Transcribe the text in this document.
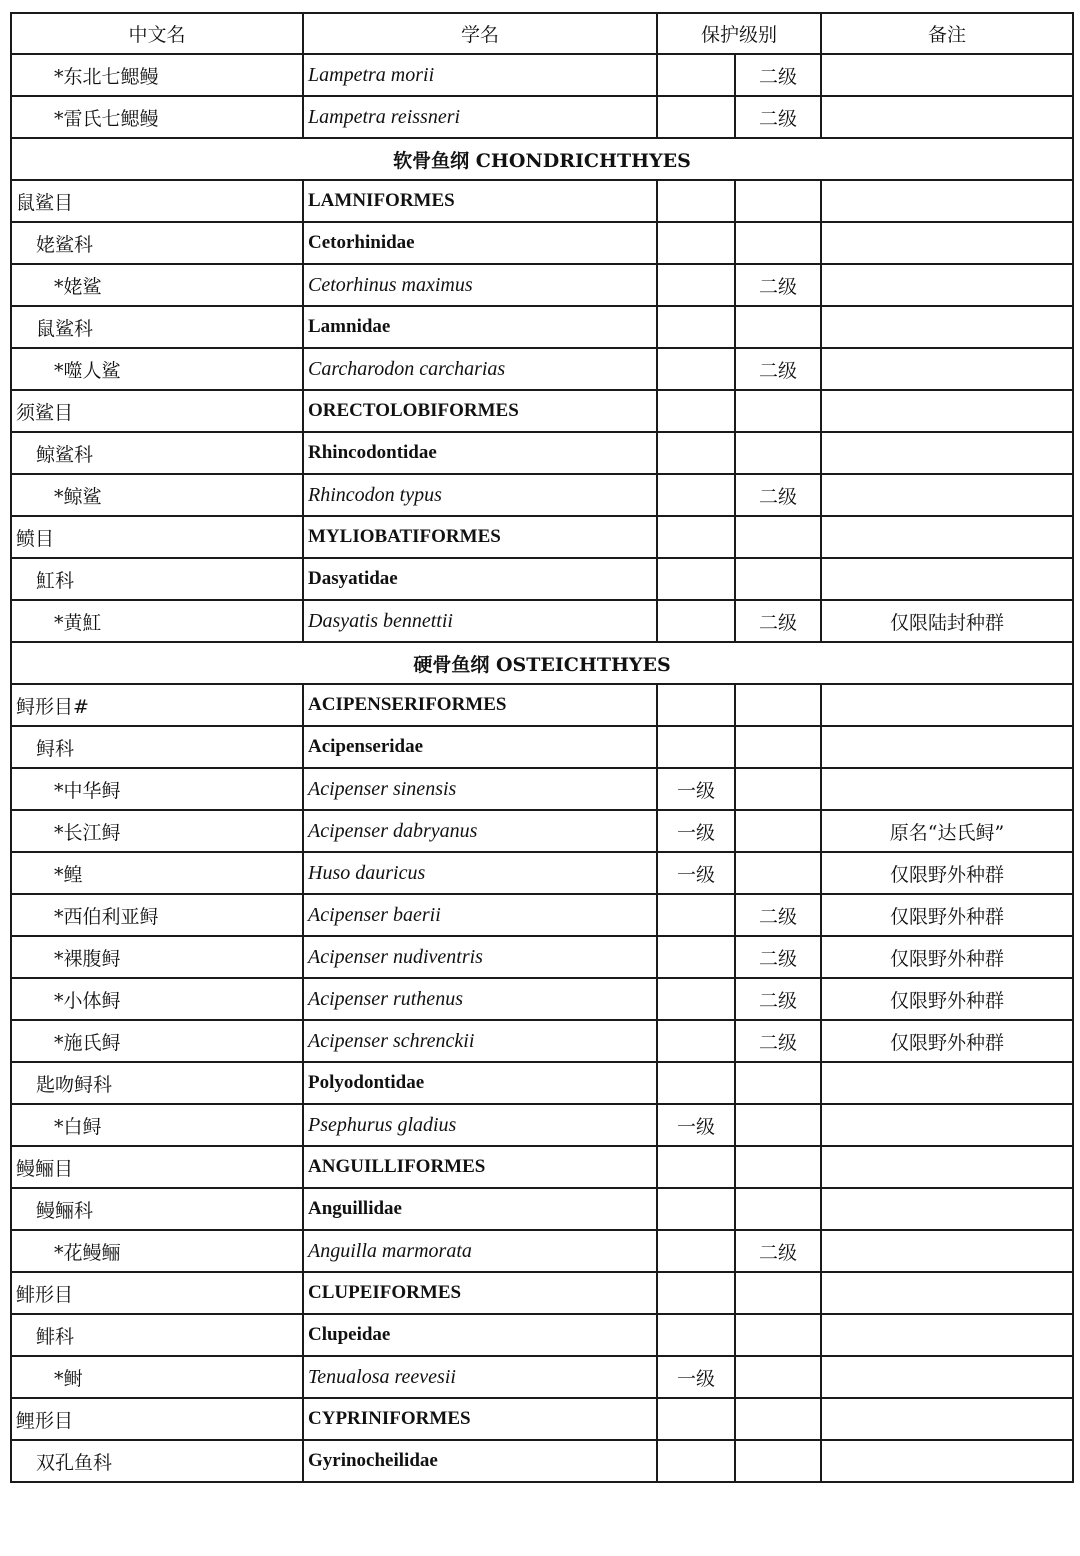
中文名	学名	保护级别		备注
*东北七鳃鳗	Lampetra morii		二级	
*雷氏七鳃鳗	Lampetra reissneri		二级	
软骨鱼纲 CHONDRICHTHYES				
鼠鲨目	LAMNIFORMES			
姥鲨科	Cetorhinidae			
*姥鲨	Cetorhinus maximus		二级	
鼠鲨科	Lamnidae			
*噬人鲨	Carcharodon carcharias		二级	
须鲨目	ORECTOLOBIFORMES			
鲸鲨科	Rhincodontidae			
*鲸鲨	Rhincodon typus		二级	
鲼目	MYLIOBATIFORMES			
魟科	Dasyatidae			
*黄魟	Dasyatis bennettii		二级	仅限陆封种群
硬骨鱼纲 OSTEICHTHYES				
鲟形目#	ACIPENSERIFORMES			
鲟科	Acipenseridae			
*中华鲟	Acipenser sinensis	一级		
*长江鲟	Acipenser dabryanus	一级		原名“达氏鲟”
*鳇	Huso dauricus	一级		仅限野外种群
*西伯利亚鲟	Acipenser baerii		二级	仅限野外种群
*裸腹鲟	Acipenser nudiventris		二级	仅限野外种群
*小体鲟	Acipenser ruthenus		二级	仅限野外种群
*施氏鲟	Acipenser schrenckii		二级	仅限野外种群
匙吻鲟科	Polyodontidae			
*白鲟	Psephurus gladius	一级		
鳗鲡目	ANGUILLIFORMES			
鳗鲡科	Anguillidae			
*花鳗鲡	Anguilla marmorata		二级	
鲱形目	CLUPEIFORMES			
鲱科	Clupeidae			
*鲥	Tenualosa reevesii	一级		
鲤形目	CYPRINIFORMES			
双孔鱼科	Gyrinocheilidae			
